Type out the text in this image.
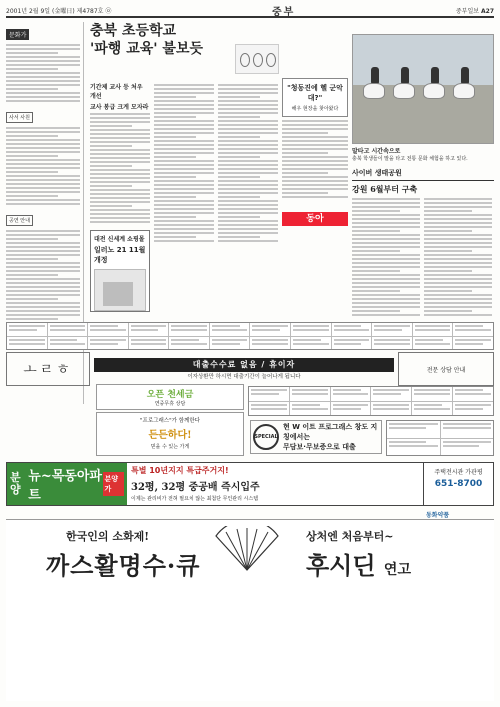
2001년 2월 9일 (金曜日) 제4787호 ㉧	중부	중부일보 A27
문화가
사서 사원
공연 안내
충북 초등학교
'파행 교육' 불보듯
기간제 교사 등 처우 개선
교사 봉급 크게 모자라
대전 신세계 쇼핑몰
일러노 21 11월 개정
"청동진에 헬 군악대?"
해우 현장을 찾아왔다
말타고 시간속으로
충북 학생들이 말을 타고 전통 문화 체험을 하고 있다.
사이버 생태공원
강원 6월부터 구축
동아
ㅗㄹㅎ	대출수수료 없음 / 휴이자
이자상환만 하시면 대출기간이 늘어나게 됩니다
전문 상담 안내
오픈 천세금
연중무휴 상담
"프로그래스"가 함께한다
든든하다!
믿을 수 있는 가게
SPECIAL
현 W 이트 프로그래스 창도 지칭에서는
무담보·무보증으로 대출
분양
뉴~목동아파트
분양가
특별 10년지지 특급주거지!
32평, 32평 중공배 즉시입주
이제는 관리비가 전혀 필요치 않는 최첨단 무인관리 시스템
주택전시관 가관평
651-8700
동화약품
한국인의 소화제!
까스활명수·큐
상처엔 처음부터~
후시딘 연고
